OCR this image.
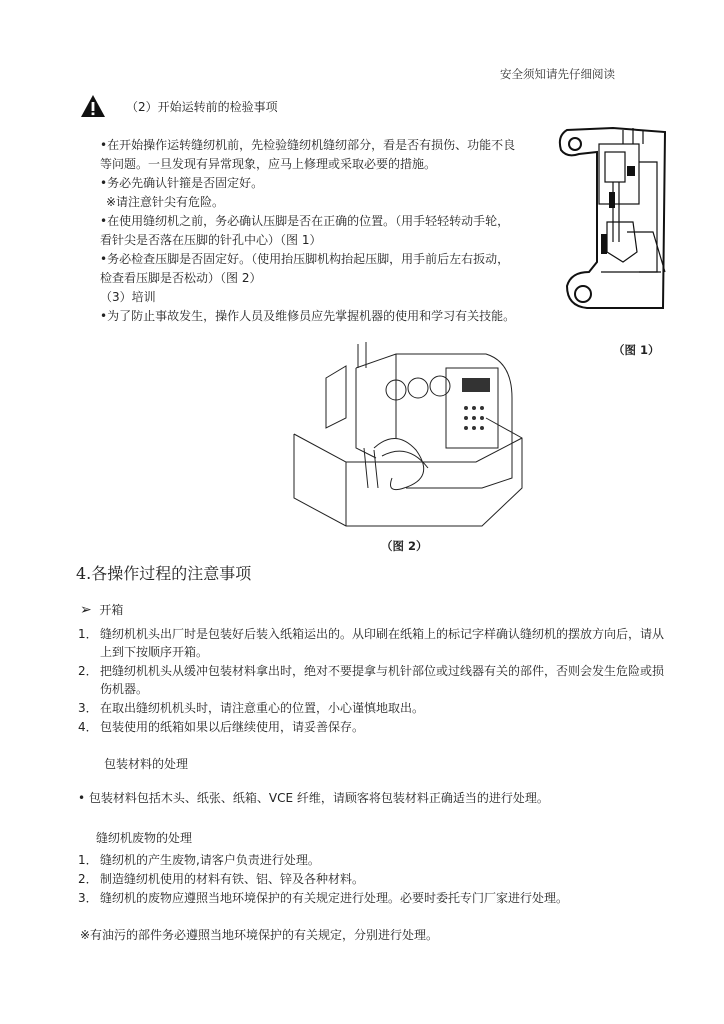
安全须知请先仔细阅读
（2）开始运转前的检验事项
•在开始操作运转缝纫机前，先检验缝纫机缝纫部分，看是否有损伤、功能不良
等问题。一旦发现有异常现象，应马上修理或采取必要的措施。
•务必先确认针箍是否固定好。
※请注意针尖有危险。
•在使用缝纫机之前，务必确认压脚是否在正确的位置。（用手轻轻转动手轮，
看针尖是否落在压脚的针孔中心）（图 1）
•务必检查压脚是否固定好。（使用抬压脚机构抬起压脚，用手前后左右扳动，
检查看压脚是否松动）（图 2）
（3）培训
•为了防止事故发生，操作人员及维修员应先掌握机器的使用和学习有关技能。
（图 1）
（图 2）
4.各操作过程的注意事项
➢ 开箱
1． 缝纫机机头出厂时是包装好后装入纸箱运出的。从印刷在纸箱上的标记字样确认缝纫机的摆放方向后，请从
上到下按顺序开箱。
2． 把缝纫机机头从缓冲包装材料拿出时，绝对不要提拿与机针部位或过线器有关的部件，否则会发生危险或损
伤机器。
3． 在取出缝纫机机头时，请注意重心的位置，小心谨慎地取出。
4． 包装使用的纸箱如果以后继续使用，请妥善保存。
包装材料的处理
• 包装材料包括木头、纸张、纸箱、VCE 纤维，请顾客将包装材料正确适当的进行处理。
缝纫机废物的处理
1． 缝纫机的产生废物,请客户负责进行处理。
2． 制造缝纫机使用的材料有铁、铝、锌及各种材料。
3． 缝纫机的废物应遵照当地环境保护的有关规定进行处理。必要时委托专门厂家进行处理。
※有油污的部件务必遵照当地环境保护的有关规定，分别进行处理。
